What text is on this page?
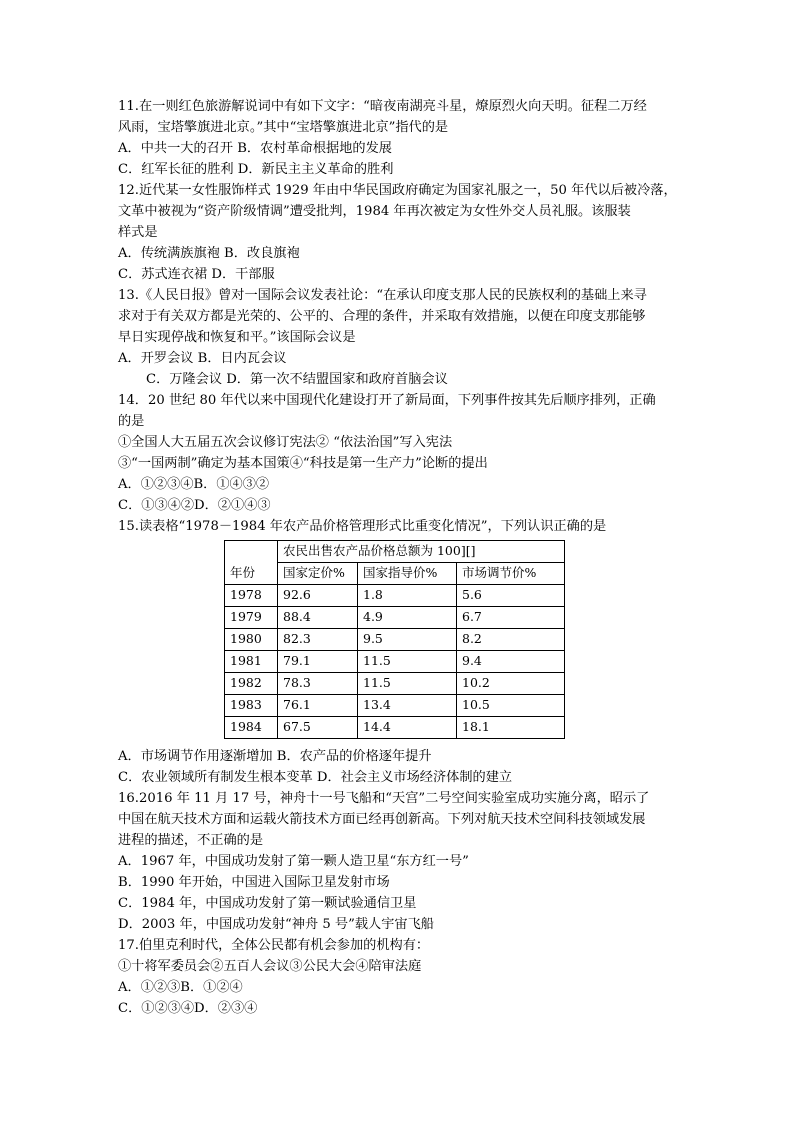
11.在一则红色旅游解说词中有如下文字：“暗夜南湖亮斗星，燎原烈火向天明。征程二万经
风雨，宝塔擎旗进北京。”其中“宝塔擎旗进北京”指代的是
A．中共一大的召开 B．农村革命根据地的发展
C．红军长征的胜利 D．新民主主义革命的胜利
12.近代某一女性服饰样式 1929 年由中华民国政府确定为国家礼服之一，50 年代以后被冷落，
文革中被视为“资产阶级情调”遭受批判，1984 年再次被定为女性外交人员礼服。该服装
样式是
A．传统满族旗袍 B．改良旗袍
C．苏式连衣裙 D．干部服
13.《人民日报》曾对一国际会议发表社论：“在承认印度支那人民的民族权利的基础上来寻
求对于有关双方都是光荣的、公平的、合理的条件，并采取有效措施，以便在印度支那能够
早日实现停战和恢复和平。”该国际会议是
A．开罗会议 B．日内瓦会议
C．万隆会议 D．第一次不结盟国家和政府首脑会议
14．20 世纪 80 年代以来中国现代化建设打开了新局面，下列事件按其先后顺序排列，正确
的是
①全国人大五届五次会议修订宪法② “依法治国”写入宪法
③“一国两制”确定为基本国策④“科技是第一生产力”论断的提出
A．①②③④B．①④③②
C．①③④②D．②①④③
15.读表格“1978－1984 年农产品价格管理形式比重变化情况”，下列认识正确的是
年份	农民出售农产品价格总额为 100][]		
	国家定价%	国家指导价%	市场调节价%
1978	92.6	1.8	5.6
1979	88.4	4.9	6.7
1980	82.3	9.5	8.2
1981	79.1	11.5	9.4
1982	78.3	11.5	10.2
1983	76.1	13.4	10.5
1984	67.5	14.4	18.1
A．市场调节作用逐渐增加 B．农产品的价格逐年提升
C．农业领域所有制发生根本变革 D．社会主义市场经济体制的建立
16.2016 年 11 月 17 号，神舟十一号飞船和“天宫”二号空间实验室成功实施分离，昭示了
中国在航天技术方面和运载火箭技术方面已经再创新高。下列对航天技术空间科技领域发展
进程的描述，不正确的是
A．1967 年，中国成功发射了第一颗人造卫星“东方红一号”
B．1990 年开始，中国进入国际卫星发射市场
C．1984 年，中国成功发射了第一颗试验通信卫星
D．2003 年，中国成功发射“神舟 5 号”载人宇宙飞船
17.伯里克利时代，全体公民都有机会参加的机构有：
①十将军委员会②五百人会议③公民大会④陪审法庭
A．①②③B．①②④
C．①②③④D．②③④
